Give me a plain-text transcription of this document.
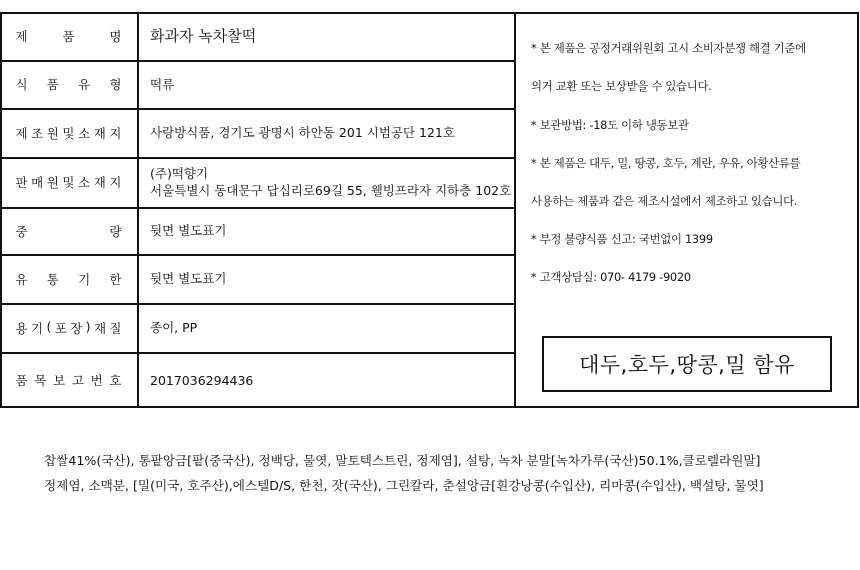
제	품	명 화과자 녹차찰떡
식 품 유 형 떡류
제 조 원 및 소 재 지 사랑방식품, 경기도 광명시 하안동 201 시범공단 121호
판 매 원 및 소 재 지
(주)떡향기
서울특별시 동대문구 답십리로69길 55, 웰빙프라자 지하층 102호
중	량 뒷면 별도표기
유 통 기 한 뒷면 별도표기
용 기 ( 포 장 ) 재 질 종이, PP
품 목 보 고 번 호 2017036294436
* 본 제품은 공정거래위원회 고시 소비자분쟁 해결 기준에
의거 교환 또는 보상받을 수 있습니다.
* 보관방법: -18도 이하 냉동보관
* 본 제품은 대두, 밀, 땅콩, 호두, 계란, 우유, 아황산류를
사용하는 제품과 같은 제조시설에서 제조하고 있습니다.
* 부정 불량식품 신고: 국번없이 1399
* 고객상담실: 070- 4179 -9020
대두,호두,땅콩,밀 함유
찹쌀41%(국산), 통팥앙금[팥(중국산), 정백당, 물엿, 말토텍스트린, 정제염], 설탕, 녹차 분말[녹차가루(국산)50.1%,클로렐라원말]
정제염, 소맥분, [밀(미국, 호주산),에스텔D/S, 한천, 잣(국산), 그린칼라, 춘설앙금[흰강낭콩(수입산), 리마콩(수입산), 백설탕, 물엿]
